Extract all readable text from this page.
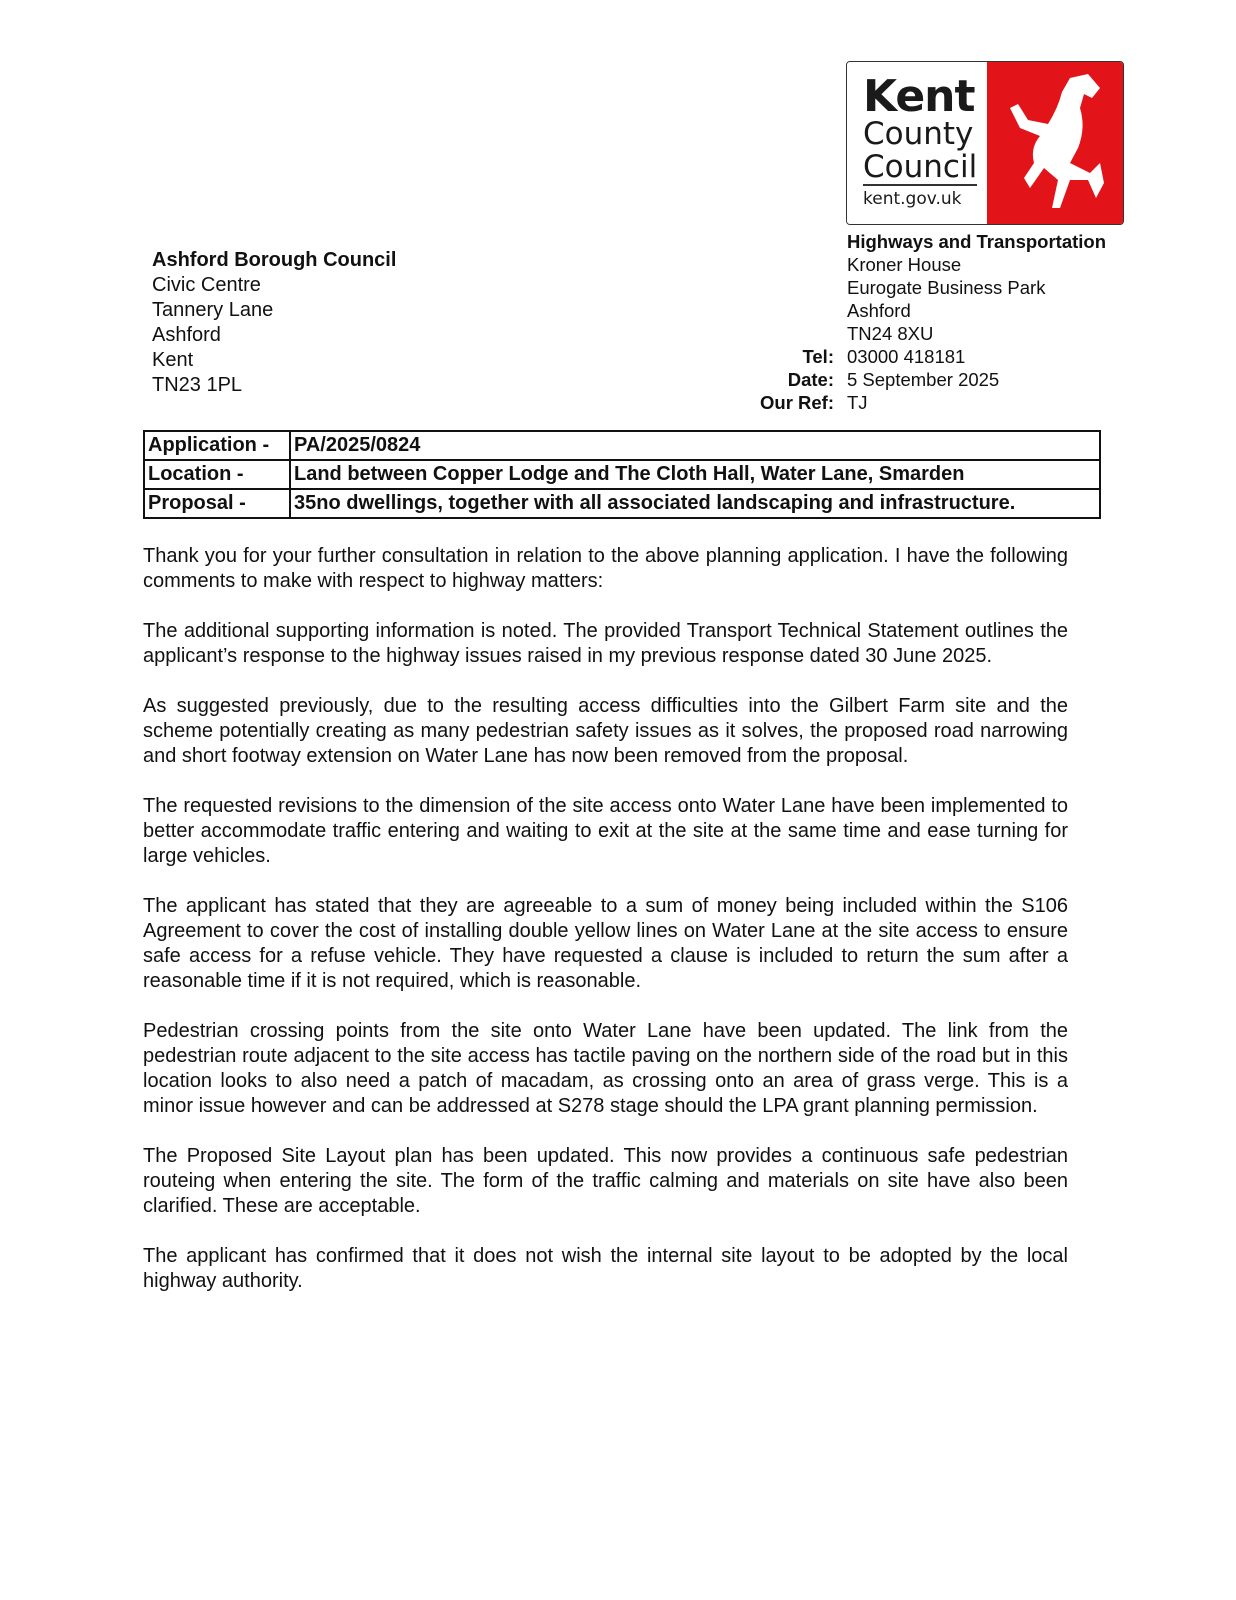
Kent
County
Council
kent.gov.uk
Ashford Borough Council
Civic Centre
Tannery Lane
Ashford
Kent
TN23 1PL
Highways and Transportation
Kroner House
Eurogate Business Park
Ashford
TN24 8XU
Tel: 03000 418181
Date: 5 September 2025
Our Ref: TJ
Application -	PA/2025/0824
Location -	Land between Copper Lodge and The Cloth Hall, Water Lane, Smarden
Proposal -	35no dwellings, together with all associated landscaping and infrastructure.

Thank you for your further consultation in relation to the above planning application. I have the following comments to make with respect to highway matters:

The additional supporting information is noted. The provided Transport Technical Statement outlines the applicant’s response to the highway issues raised in my previous response dated 30 June 2025.

As suggested previously, due to the resulting access difficulties into the Gilbert Farm site and the scheme potentially creating as many pedestrian safety issues as it solves, the proposed road narrowing and short footway extension on Water Lane has now been removed from the proposal.

The requested revisions to the dimension of the site access onto Water Lane have been implemented to better accommodate traffic entering and waiting to exit at the site at the same time and ease turning for large vehicles.

The applicant has stated that they are agreeable to a sum of money being included within the S106 Agreement to cover the cost of installing double yellow lines on Water Lane at the site access to ensure safe access for a refuse vehicle. They have requested a clause is included to return the sum after a reasonable time if it is not required, which is reasonable.

Pedestrian crossing points from the site onto Water Lane have been updated. The link from the pedestrian route adjacent to the site access has tactile paving on the northern side of the road but in this location looks to also need a patch of macadam, as crossing onto an area of grass verge. This is a minor issue however and can be addressed at S278 stage should the LPA grant planning permission.

The Proposed Site Layout plan has been updated. This now provides a continuous safe pedestrian routeing when entering the site. The form of the traffic calming and materials on site have also been clarified. These are acceptable.

The applicant has confirmed that it does not wish the internal site layout to be adopted by the local highway authority.
